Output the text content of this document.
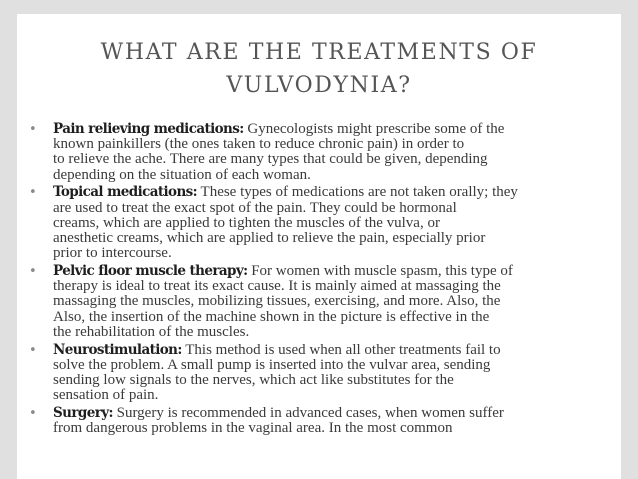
WHAT ARE THE TREATMENTS OF
VULVODYNIA?
• Pain relieving medications: Gynecologists might prescribe some of the
known painkillers (the ones taken to reduce chronic pain) in order to
to relieve the ache. There are many types that could be given, depending
depending on the situation of each woman.
• Topical medications: These types of medications are not taken orally; they
are used to treat the exact spot of the pain. They could be hormonal
creams, which are applied to tighten the muscles of the vulva, or
anesthetic creams, which are applied to relieve the pain, especially prior
prior to intercourse.
• Pelvic floor muscle therapy: For women with muscle spasm, this type of
therapy is ideal to treat its exact cause. It is mainly aimed at massaging the
massaging the muscles, mobilizing tissues, exercising, and more. Also, the
Also, the insertion of the machine shown in the picture is effective in the
the rehabilitation of the muscles.
• Neurostimulation: This method is used when all other treatments fail to
solve the problem. A small pump is inserted into the vulvar area, sending
sending low signals to the nerves, which act like substitutes for the
sensation of pain.
• Surgery: Surgery is recommended in advanced cases, when women suffer
from dangerous problems in the vaginal area. In the most common
